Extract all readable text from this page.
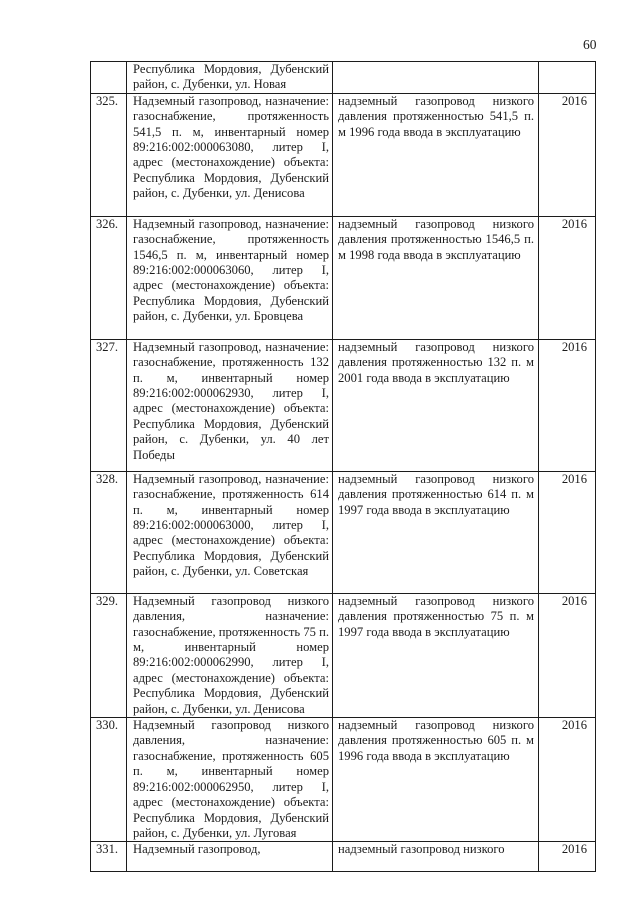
60
	Республика Мордовия, Дубенский район, с. Дубенки, ул. Новая		
325.	Надземный газопровод, назначение: газоснабжение, протяженность 541,5 п. м, инвентарный номер 89:216:002:000063080, литер I, адрес (местонахождение) объекта: Республика Мордовия, Дубенский район, с. Дубенки, ул. Денисова	надземный газопровод низкого давления протяженностью 541,5 п. м 1996 года ввода в эксплуатацию	2016
326.	Надземный газопровод, назначение: газоснабжение, протяженность 1546,5 п. м, инвентарный номер 89:216:002:000063060, литер I, адрес (местонахождение) объекта: Республика Мордовия, Дубенский район, с. Дубенки, ул. Бровцева	надземный газопровод низкого давления протяженностью 1546,5 п. м 1998 года ввода в эксплуатацию	2016
327.	Надземный газопровод, назначение: газоснабжение, протяженность 132 п. м, инвентарный номер 89:216:002:000062930, литер I, адрес (местонахождение) объекта: Республика Мордовия, Дубенский район, с. Дубенки, ул. 40 лет Победы	надземный газопровод низкого давления протяженностью 132 п. м 2001 года ввода в эксплуатацию	2016
328.	Надземный газопровод, назначение: газоснабжение, протяженность 614 п. м, инвентарный номер 89:216:002:000063000, литер I, адрес (местонахождение) объекта: Республика Мордовия, Дубенский район, с. Дубенки, ул. Советская	надземный газопровод низкого давления протяженностью 614 п. м 1997 года ввода в эксплуатацию	2016
329.	Надземный газопровод низкого давления, назначение: газоснабжение, протяженность 75 п. м, инвентарный номер 89:216:002:000062990, литер I, адрес (местонахождение) объекта: Республика Мордовия, Дубенский район, с. Дубенки, ул. Денисова	надземный газопровод низкого давления протяженностью 75 п. м 1997 года ввода в эксплуатацию	2016
330.	Надземный газопровод низкого давления, назначение: газоснабжение, протяженность 605 п. м, инвентарный номер 89:216:002:000062950, литер I, адрес (местонахождение) объекта: Республика Мордовия, Дубенский район, с. Дубенки, ул. Луговая	надземный газопровод низкого давления протяженностью 605 п. м 1996 года ввода в эксплуатацию	2016
331.	Надземный газопровод,	надземный газопровод низкого	2016
